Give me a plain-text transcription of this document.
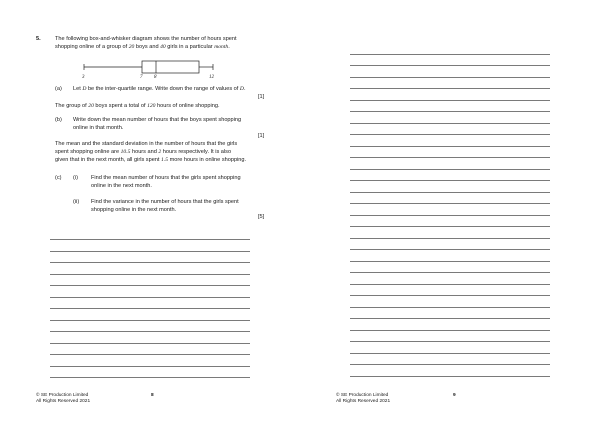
5.	The following box-and-whisker diagram shows the number of hours spent
shopping online of a group of 20 boys and 40 girls in a particular month.
3	7 8	12
(a) Let D be the inter-quartile range. Write down the range of values of D.
[1]
The group of 20 boys spent a total of 120 hours of online shopping.
(b) Write down the mean number of hours that the boys spent shopping
online in that month.
[1]
The mean and the standard deviation in the number of hours that the girls
spent shopping online are 10.5 hours and 2 hours respectively. It is also
given that in the next month, all girls spent 1.5 more hours in online shopping.
(c) (i) Find the mean number of hours that the girls spent shopping
online in the next month.
(ii) Find the variance in the number of hours that the girls spent
shopping online in the next month.
[5]
© SE Production Limited
All Rights Reserved 2021
8	© SE Production Limited
All Rights Reserved 2021
9
